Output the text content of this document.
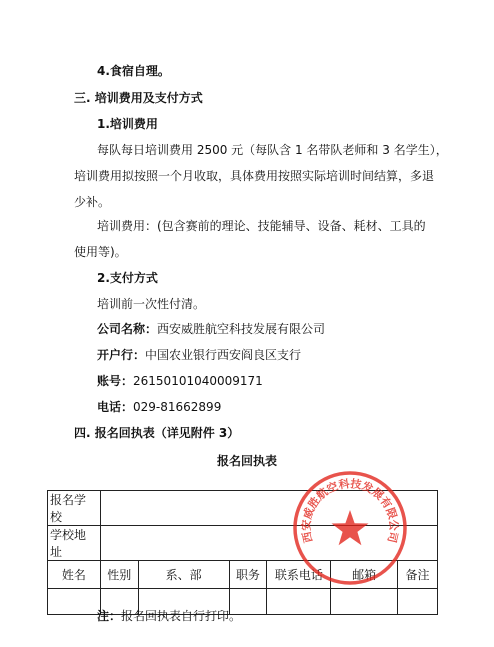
4.食宿自理。
三. 培训费用及支付方式
1.培训费用
每队每日培训费用 2500 元（每队含 1 名带队老师和 3 名学生），
培训费用拟按照一个月收取，具体费用按照实际培训时间结算，多退
少补。
培训费用：(包含赛前的理论、技能辅导、设备、耗材、工具的
使用等)。
2.支付方式
培训前一次性付清。
公司名称：西安威胜航空科技发展有限公司
开户行：中国农业银行西安阎良区支行
账号：26150101040009171
电话：029-81662899
四. 报名回执表（详见附件 3）
报名回执表
报名学校						
学校地址						
姓名	性别	系、部	职务	联系电话	邮箱	备注

西安威胜航空科技发展有限公司
注：报名回执表自行打印。
